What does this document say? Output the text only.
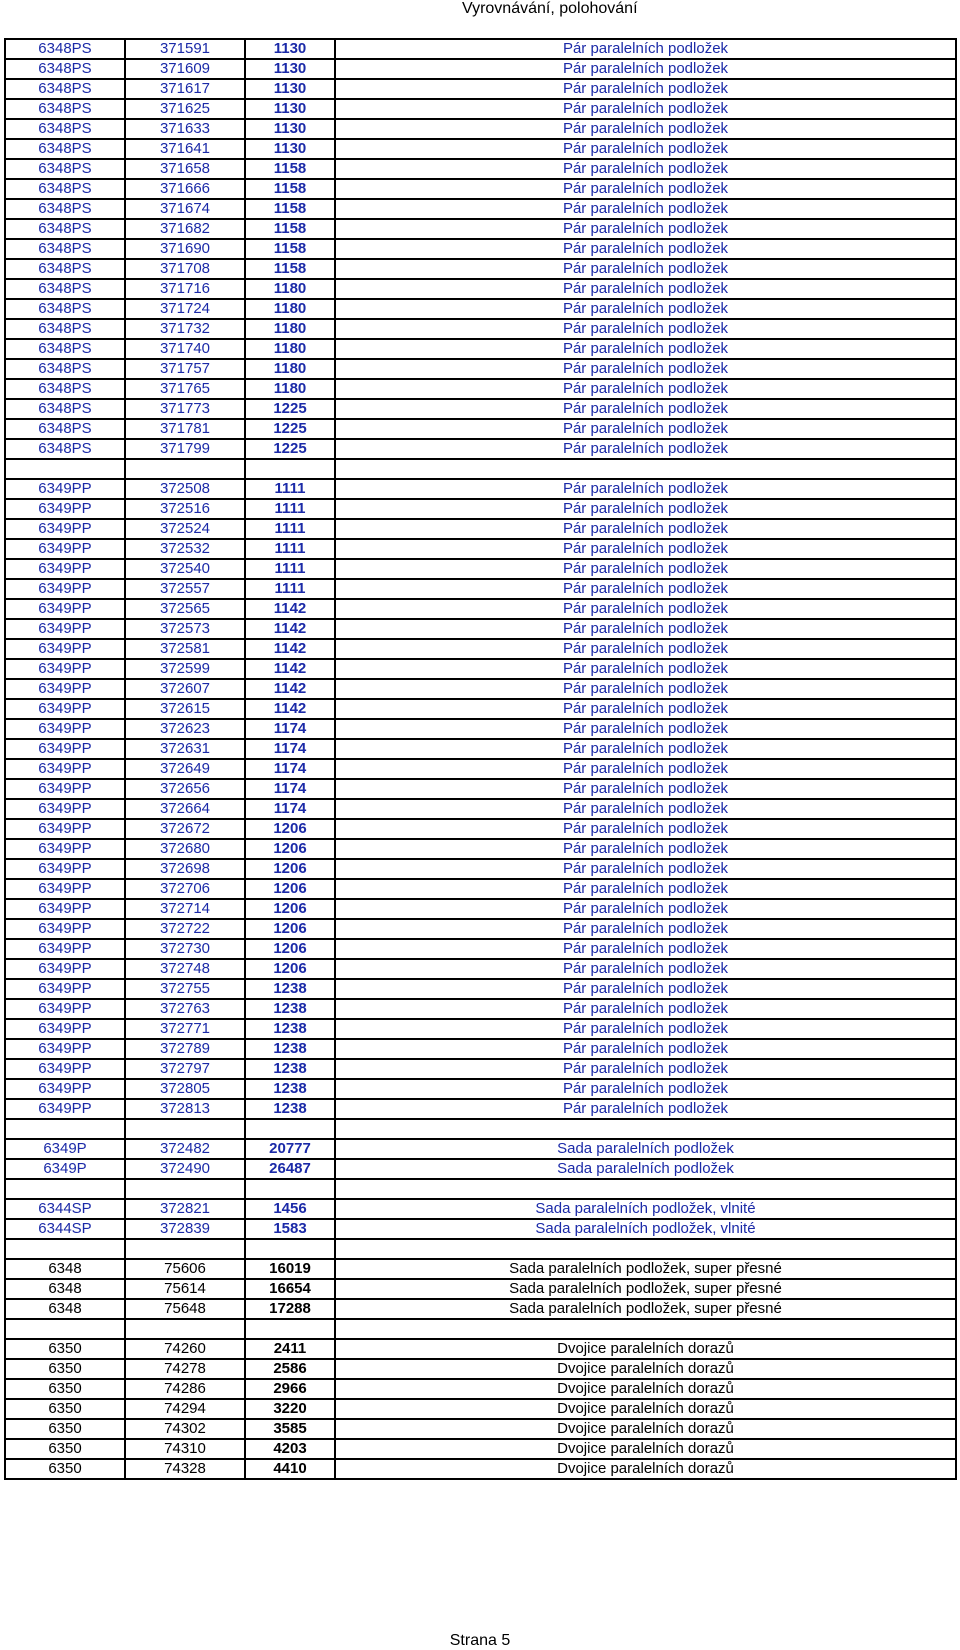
Vyrovnávání, polohování
6348PS	371591	1130	Pár paralelních podložek
6348PS	371609	1130	Pár paralelních podložek
6348PS	371617	1130	Pár paralelních podložek
6348PS	371625	1130	Pár paralelních podložek
6348PS	371633	1130	Pár paralelních podložek
6348PS	371641	1130	Pár paralelních podložek
6348PS	371658	1158	Pár paralelních podložek
6348PS	371666	1158	Pár paralelních podložek
6348PS	371674	1158	Pár paralelních podložek
6348PS	371682	1158	Pár paralelních podložek
6348PS	371690	1158	Pár paralelních podložek
6348PS	371708	1158	Pár paralelních podložek
6348PS	371716	1180	Pár paralelních podložek
6348PS	371724	1180	Pár paralelních podložek
6348PS	371732	1180	Pár paralelních podložek
6348PS	371740	1180	Pár paralelních podložek
6348PS	371757	1180	Pár paralelních podložek
6348PS	371765	1180	Pár paralelních podložek
6348PS	371773	1225	Pár paralelních podložek
6348PS	371781	1225	Pár paralelních podložek
6348PS	371799	1225	Pár paralelních podložek

6349PP	372508	1111	Pár paralelních podložek
6349PP	372516	1111	Pár paralelních podložek
6349PP	372524	1111	Pár paralelních podložek
6349PP	372532	1111	Pár paralelních podložek
6349PP	372540	1111	Pár paralelních podložek
6349PP	372557	1111	Pár paralelních podložek
6349PP	372565	1142	Pár paralelních podložek
6349PP	372573	1142	Pár paralelních podložek
6349PP	372581	1142	Pár paralelních podložek
6349PP	372599	1142	Pár paralelních podložek
6349PP	372607	1142	Pár paralelních podložek
6349PP	372615	1142	Pár paralelních podložek
6349PP	372623	1174	Pár paralelních podložek
6349PP	372631	1174	Pár paralelních podložek
6349PP	372649	1174	Pár paralelních podložek
6349PP	372656	1174	Pár paralelních podložek
6349PP	372664	1174	Pár paralelních podložek
6349PP	372672	1206	Pár paralelních podložek
6349PP	372680	1206	Pár paralelních podložek
6349PP	372698	1206	Pár paralelních podložek
6349PP	372706	1206	Pár paralelních podložek
6349PP	372714	1206	Pár paralelních podložek
6349PP	372722	1206	Pár paralelních podložek
6349PP	372730	1206	Pár paralelních podložek
6349PP	372748	1206	Pár paralelních podložek
6349PP	372755	1238	Pár paralelních podložek
6349PP	372763	1238	Pár paralelních podložek
6349PP	372771	1238	Pár paralelních podložek
6349PP	372789	1238	Pár paralelních podložek
6349PP	372797	1238	Pár paralelních podložek
6349PP	372805	1238	Pár paralelních podložek
6349PP	372813	1238	Pár paralelních podložek

6349P	372482	20777	Sada paralelních podložek
6349P	372490	26487	Sada paralelních podložek

6344SP	372821	1456	Sada paralelních podložek, vlnité
6344SP	372839	1583	Sada paralelních podložek, vlnité

6348	75606	16019	Sada paralelních podložek, super přesné
6348	75614	16654	Sada paralelních podložek, super přesné
6348	75648	17288	Sada paralelních podložek, super přesné

6350	74260	2411	Dvojice paralelních dorazů
6350	74278	2586	Dvojice paralelních dorazů
6350	74286	2966	Dvojice paralelních dorazů
6350	74294	3220	Dvojice paralelních dorazů
6350	74302	3585	Dvojice paralelních dorazů
6350	74310	4203	Dvojice paralelních dorazů
6350	74328	4410	Dvojice paralelních dorazů
Strana 5
